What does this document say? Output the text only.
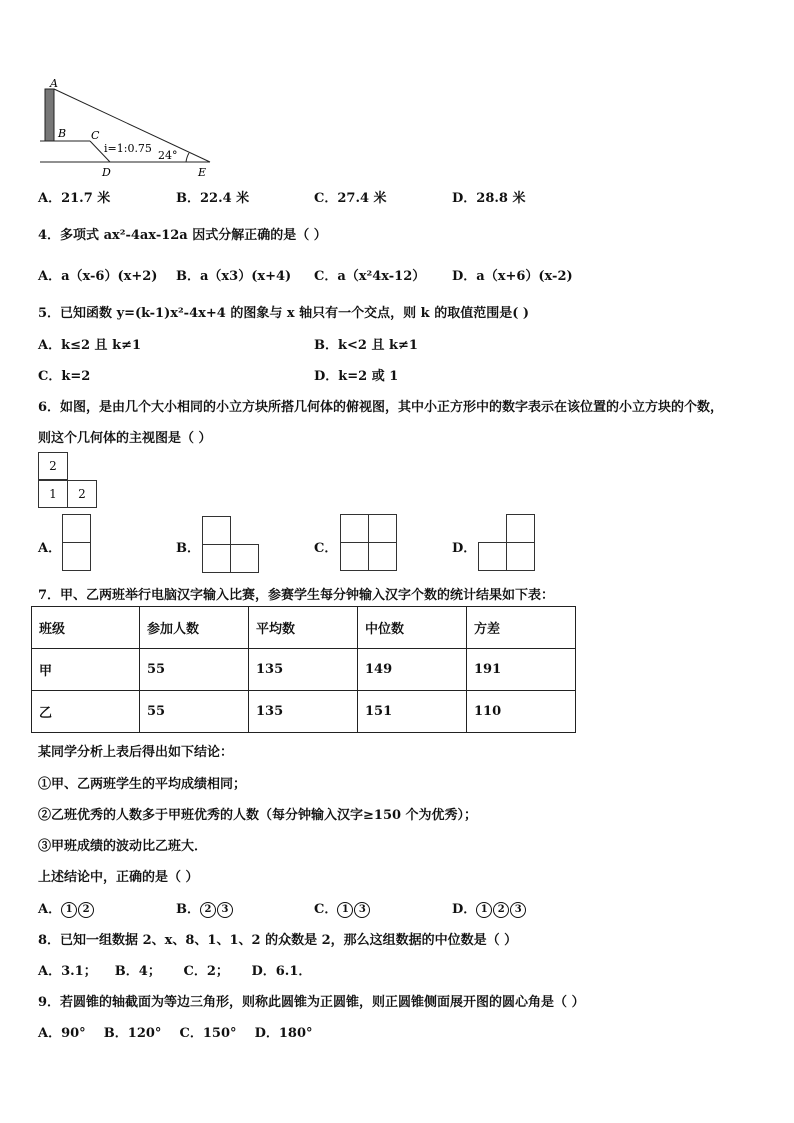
A
B C
D	E
i=1:0.75
24°
A．21.7 米	B．22.4 米	C．27.4 米	D．28.8 米
4．多项式 ax²-4ax-12a 因式分解正确的是（ ）
A．a（x-6）(x+2) B．a（x3）(x+4) C．a（x²4x-12） D．a（x+6）(x-2)
5．已知函数 y=(k-1)x²-4x+4 的图象与 x 轴只有一个交点，则 k 的取值范围是( )
A．k≤2 且 k≠1	B．k<2 且 k≠1
C．k=2	D．k=2 或 1
6．如图，是由几个大小相同的小立方块所搭几何体的俯视图，其中小正方形中的数字表示在该位置的小立方块的个数，
则这个几何体的主视图是（ ）
2
1	2
A．	B．	C．	D．
7．甲、乙两班举行电脑汉字输入比赛，参赛学生每分钟输入汉字个数的统计结果如下表：
班级	参加人数	平均数	中位数	方差
甲	55	135	149	191
乙	55	135	151	110
某同学分析上表后得出如下结论：
①甲、乙两班学生的平均成绩相同；
②乙班优秀的人数多于甲班优秀的人数（每分钟输入汉字≥150 个为优秀）；
③甲班成绩的波动比乙班大．
上述结论中，正确的是（ ）
A． 1 2	B． 2 3	C． 1 3	D． 1 2 3
8．已知一组数据 2、x、8、1、1、2 的众数是 2，那么这组数据的中位数是（ ）
A．3.1；    B．4；     C．2；     D．6.1．
9．若圆锥的轴截面为等边三角形，则称此圆锥为正圆锥，则正圆锥侧面展开图的圆心角是（ ）
A．90°    B．120°    C．150°    D．180°
